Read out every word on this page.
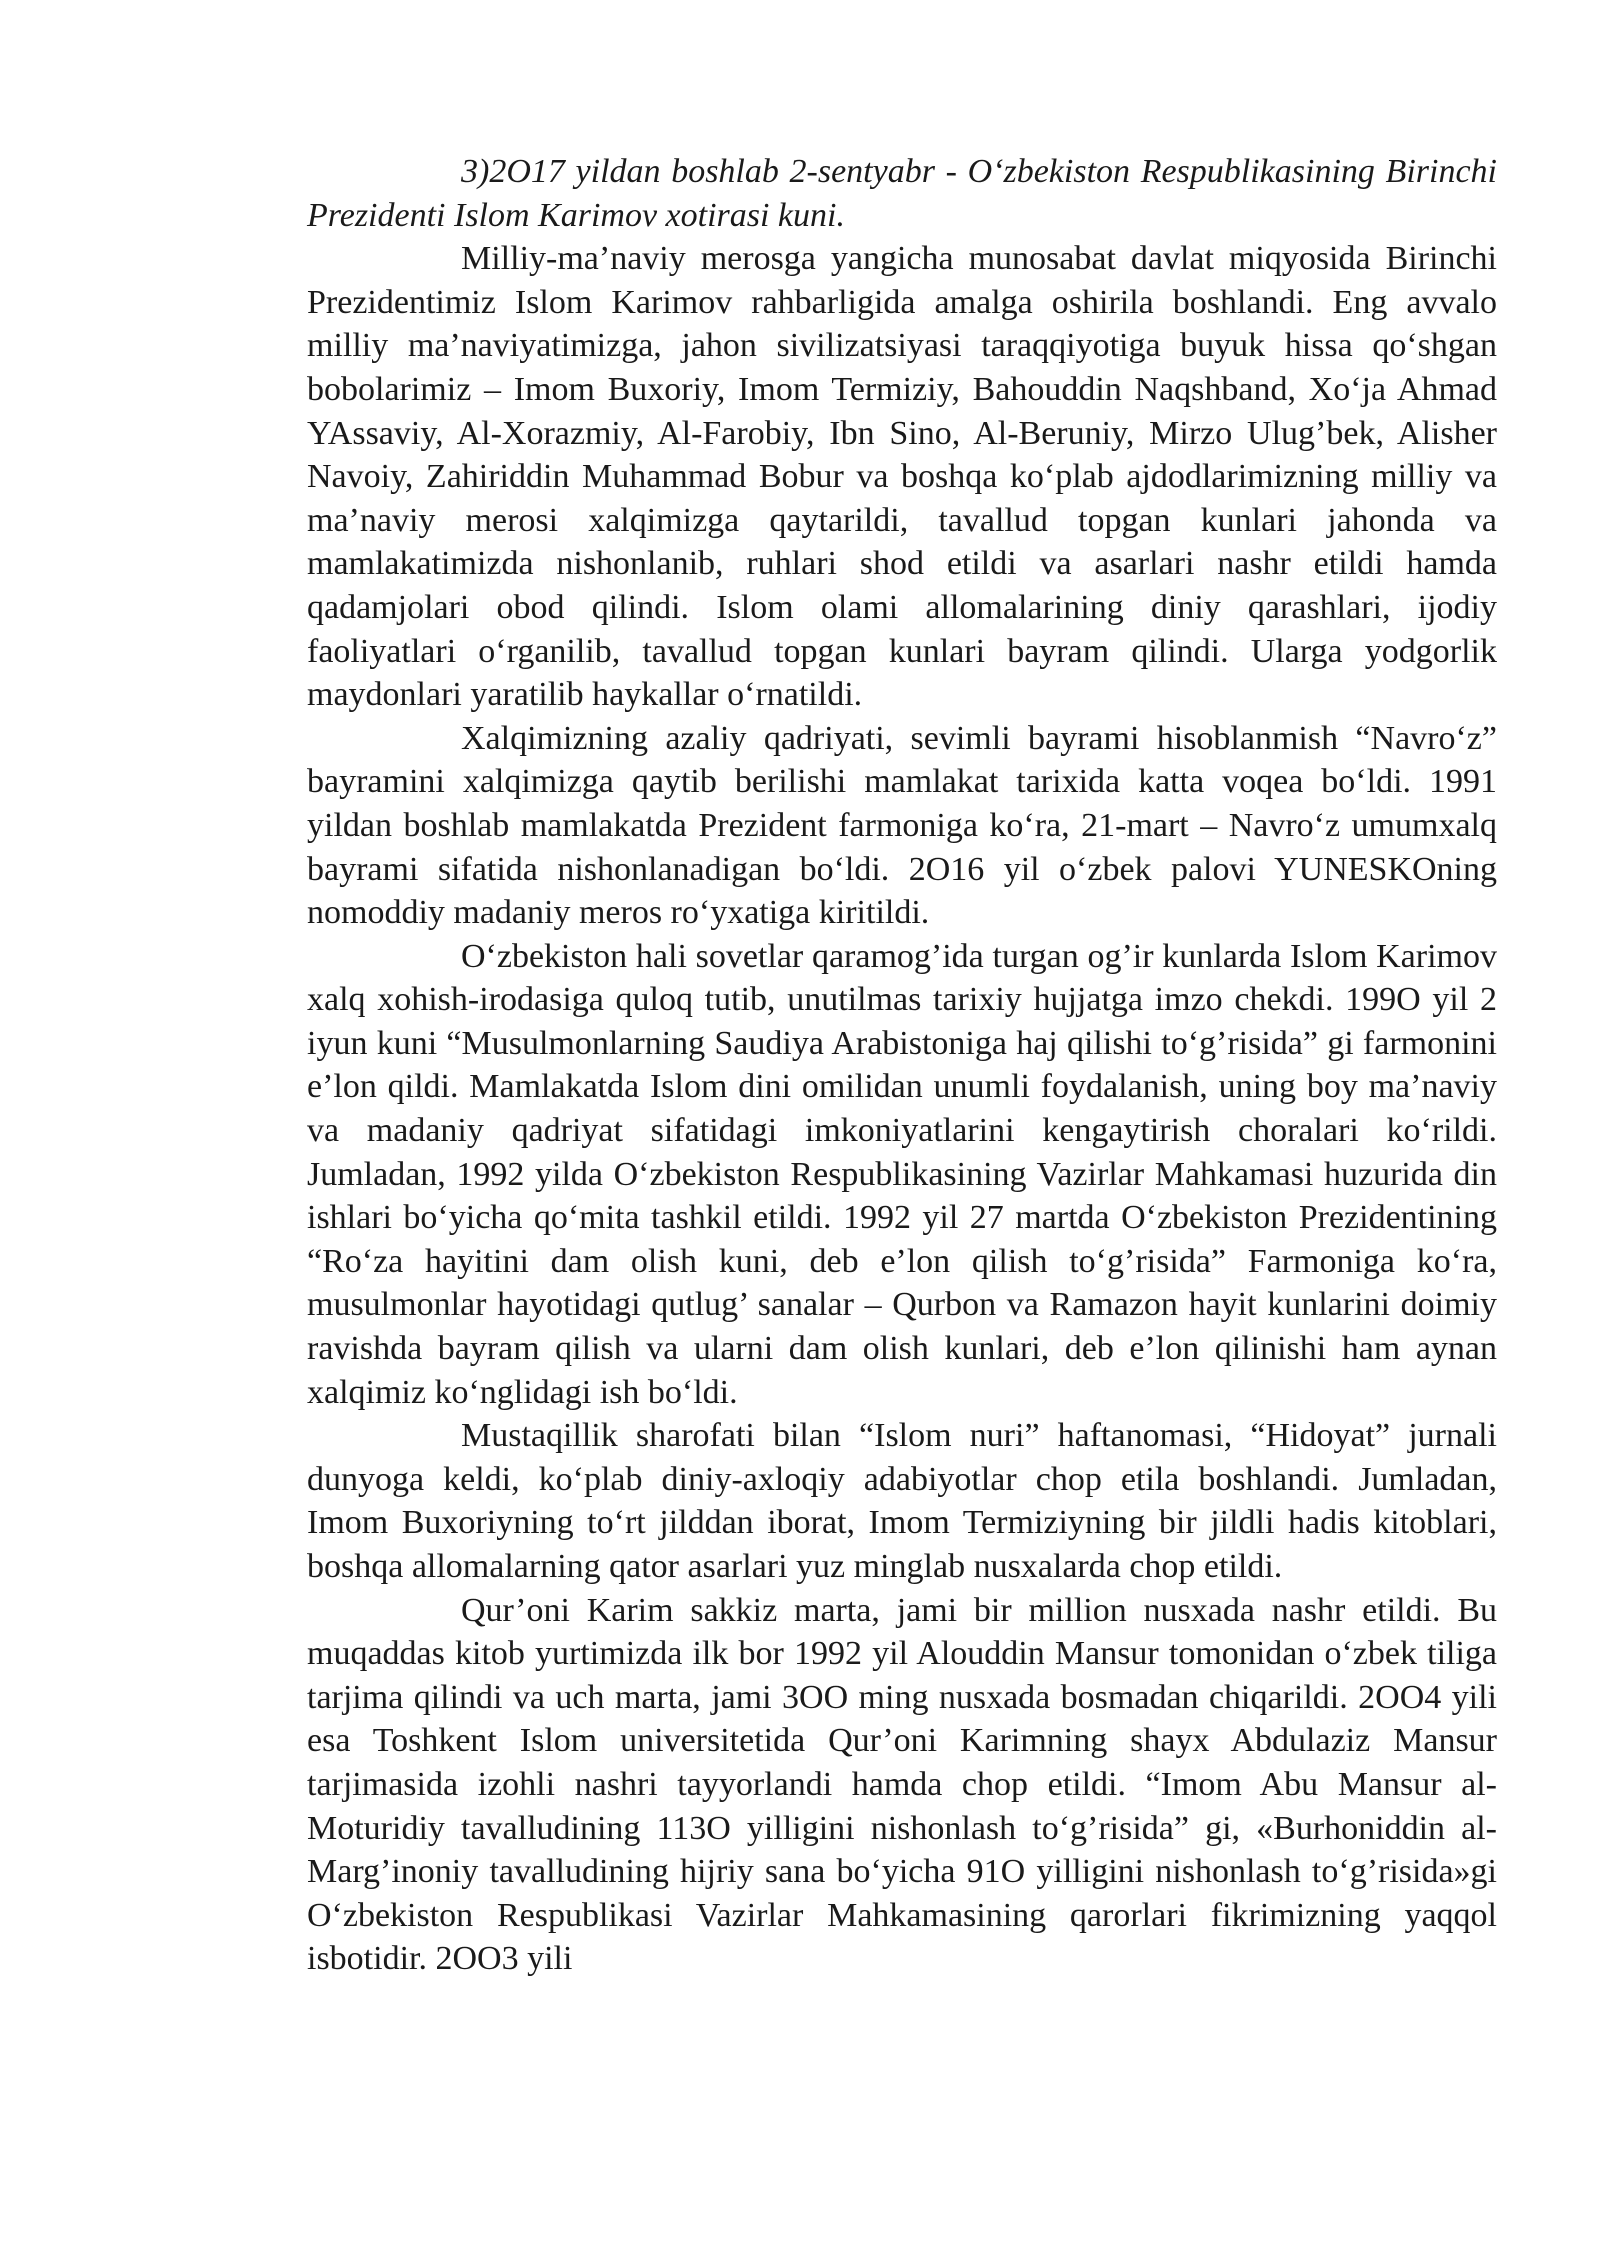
3)2O17 yildan boshlab 2-sentyabr - O‘zbekiston Respublikasining Birinchi Prezidenti Islom Karimov xotirasi kuni.

Milliy-ma’naviy merosga yangicha munosabat davlat miqyosida Birinchi Prezidentimiz Islom Karimov rahbarligida amalga oshirila boshlandi. Eng avvalo milliy ma’naviyatimizga, jahon sivilizatsiyasi taraqqiyotiga buyuk hissa qo‘shgan bobolarimiz – Imom Buxoriy, Imom Termiziy, Bahouddin Naqshband, Xo‘ja Ahmad YAssaviy, Al-Xorazmiy, Al-Farobiy, Ibn Sino, Al-Beruniy, Mirzo Ulug’bek, Alisher Navoiy, Zahiriddin Muhammad Bobur va boshqa ko‘plab ajdodlarimizning milliy va ma’naviy merosi xalqimizga qaytarildi, tavallud topgan kunlari jahonda va mamlakatimizda nishonlanib, ruhlari shod etildi va asarlari nashr etildi hamda qadamjolari obod qilindi. Islom olami allomalarining diniy qarashlari, ijodiy faoliyatlari o‘rganilib, tavallud topgan kunlari bayram qilindi. Ularga yodgorlik maydonlari yaratilib haykallar o‘rnatildi.

Xalqimizning azaliy qadriyati, sevimli bayrami hisoblanmish “Navro‘z” bayramini xalqimizga qaytib berilishi mamlakat tarixida katta voqea bo‘ldi. 1991 yildan boshlab mamlakatda Prezident farmoniga ko‘ra, 21-mart – Navro‘z umumxalq bayrami sifatida nishonlanadigan bo‘ldi. 2O16 yil o‘zbek palovi YUNESKOning nomoddiy madaniy meros ro‘yxatiga kiritildi.

O‘zbekiston hali sovetlar qaramog’ida turgan og’ir kunlarda Islom Karimov xalq xohish-irodasiga quloq tutib, unutilmas tarixiy hujjatga imzo chekdi. 199O yil 2 iyun kuni “Musulmonlarning Saudiya Arabistoniga haj qilishi to‘g’risida” gi farmonini e’lon qildi. Mamlakatda Islom dini omilidan unumli foydalanish, uning boy ma’naviy va madaniy qadriyat sifatidagi imkoniyatlarini kengaytirish choralari ko‘rildi. Jumladan, 1992 yilda O‘zbekiston Respublikasining Vazirlar Mahkamasi huzurida din ishlari bo‘yicha qo‘mita tashkil etildi. 1992 yil 27 martda O‘zbekiston Prezidentining “Ro‘za hayitini dam olish kuni, deb e’lon qilish to‘g’risida” Farmoniga ko‘ra, musulmonlar hayotidagi qutlug’ sanalar – Qurbon va Ramazon hayit kunlarini doimiy ravishda bayram qilish va ularni dam olish kunlari, deb e’lon qilinishi ham aynan xalqimiz ko‘nglidagi ish bo‘ldi.

Mustaqillik sharofati bilan “Islom nuri” haftanomasi, “Hidoyat” jurnali dunyoga keldi, ko‘plab diniy-axloqiy adabiyotlar chop etila boshlandi. Jumladan, Imom Buxoriyning to‘rt jilddan iborat, Imom Termiziyning bir jildli hadis kitoblari, boshqa allomalarning qator asarlari yuz minglab nusxalarda chop etildi.

Qur’oni Karim sakkiz marta, jami bir million nusxada nashr etildi. Bu muqaddas kitob yurtimizda ilk bor 1992 yil Alouddin Mansur tomonidan o‘zbek tiliga tarjima qilindi va uch marta, jami 3OO ming nusxada bosmadan chiqarildi. 2OO4 yili esa Toshkent Islom universitetida Qur’oni Karimning shayx Abdulaziz Mansur tarjimasida izohli nashri tayyorlandi hamda chop etildi. “Imom Abu Mansur al-Moturidiy tavalludining 113O yilligini nishonlash to‘g’risida” gi, «Burhoniddin al-Marg’inoniy tavalludining hijriy sana bo‘yicha 91O yilligini nishonlash to‘g’risida»gi O‘zbekiston Respublikasi Vazirlar Mahkamasining qarorlari fikrimizning yaqqol isbotidir. 2OO3 yili
